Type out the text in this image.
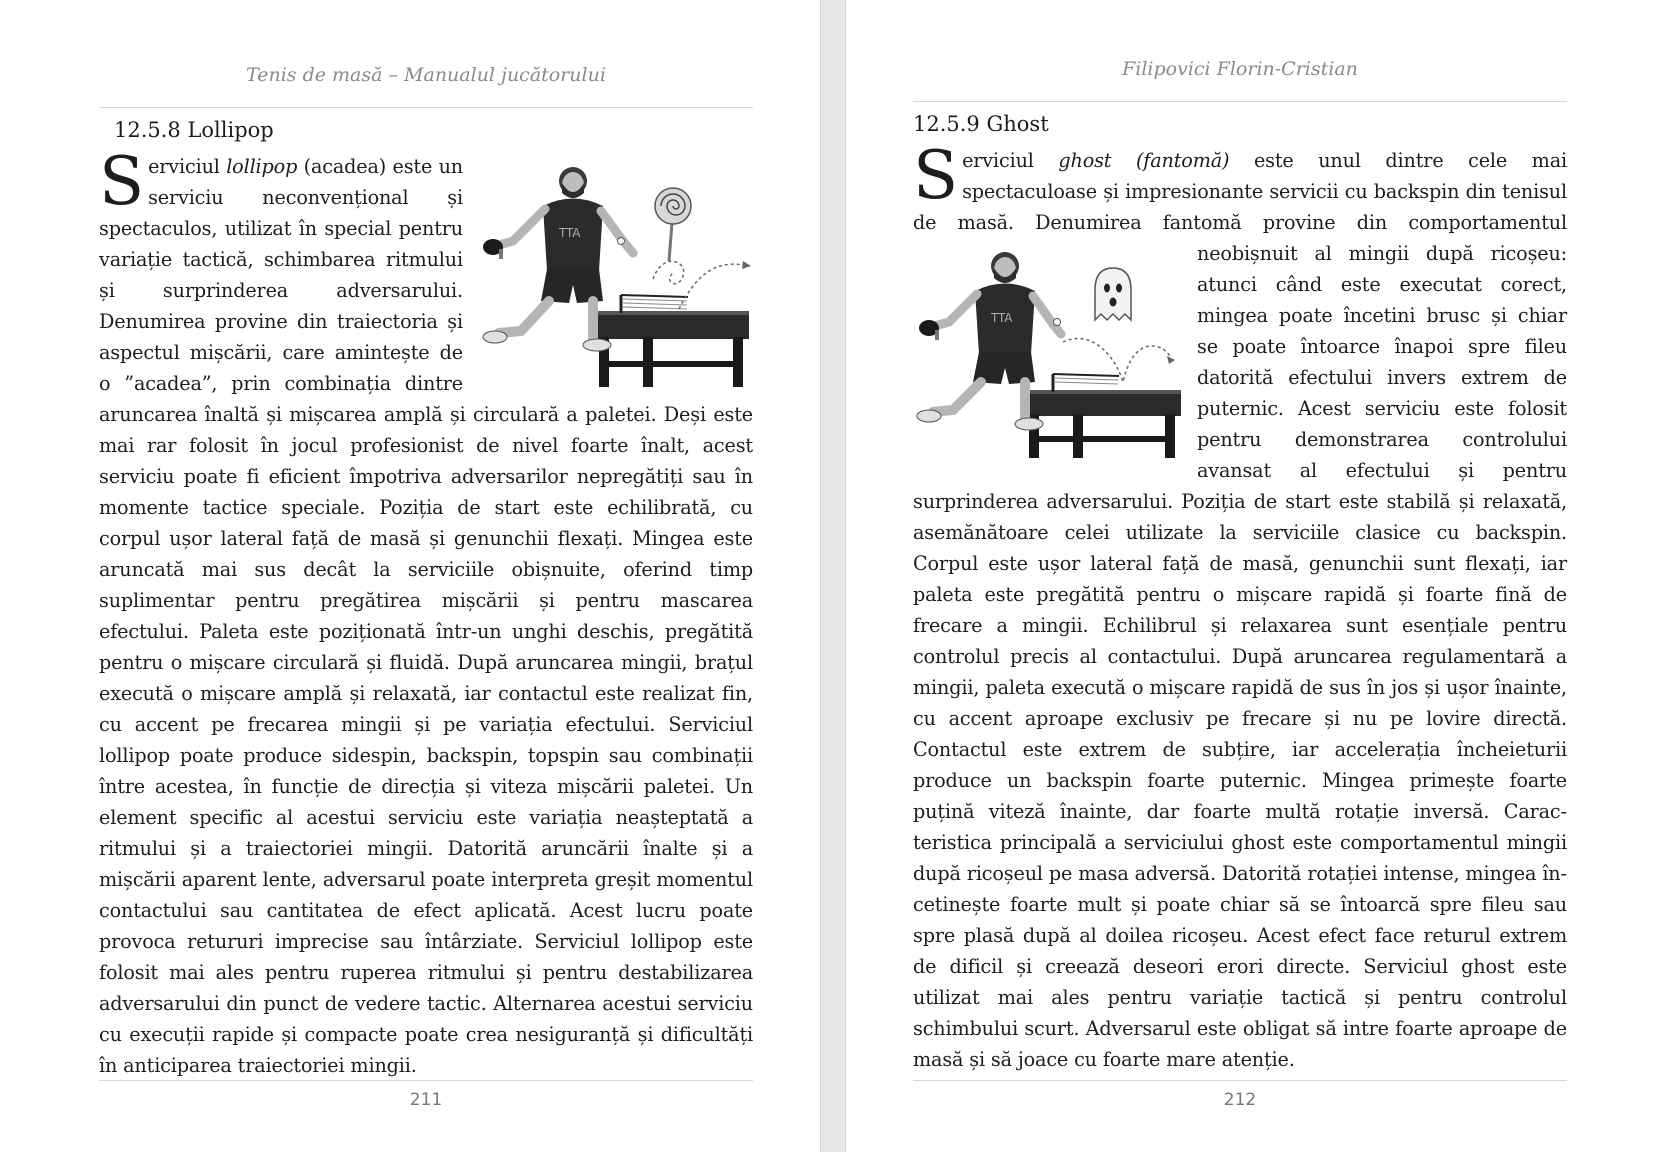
Tenis de masă – Manualul jucătorului
12.5.8 Lollipop
S
TTA
erviciul lollipop (acadea) este un serviciu neconvențional și spectaculos, utilizat în special pentru variație tactică, schimbarea ritmului și surprinderea adversarului. Denumirea provine din traiectoria și aspectul mișcării, care amintește de o ”acadea”, prin combinația dintre aruncarea înaltă și mișcarea amplă și circulară a paletei. Deși este mai rar folosit în jocul profesionist de nivel foarte înalt, acest serviciu poate fi eficient împotriva adversarilor nepregătiți sau în momente tactice speciale. Poziția de start este echilibrată, cu corpul ușor lateral față de masă și genunchii flexați. Mingea este aruncată mai sus decât la serviciile obișnuite, oferind timp suplimentar pentru pregătirea mișcării și pentru mascarea efectului. Paleta este poziționată într-un unghi deschis, pregătită pentru o mișcare circulară și fluidă. După aruncarea mingii, brațul execută o mișcare amplă și relaxată, iar contactul este realizat fin, cu accent pe frecarea mingii și pe variația efectului. Serviciul lollipop poate produce sidespin, backspin, topspin sau combinații între acestea, în funcție de direcția și viteza mișcării paletei. Un element specific al acestui serviciu este variația neașteptată a ritmului și a traiectoriei mingii. Datorită aruncării înalte și a mișcării aparent lente, adversarul poate interpreta greșit momentul contactului sau cantitatea de efect aplicată. Acest lucru poate provoca retururi imprecise sau întârziate. Serviciul lollipop este folosit mai ales pentru ruperea ritmului și pentru destabilizarea adversarului din punct de vedere tactic. Alternarea acestui serviciu cu execuții rapide și compacte poate crea nesiguranță și dificultăți în anticiparea traiectoriei mingii.
211
Filipovici Florin-Cristian
12.5.9 Ghost
S erviciul ghost (fantomă) este unul dintre cele mai spectaculoase și impresionante servicii cu backspin din tenisul de masă. Denumirea fantomă provine din comportamentul neobișnuit al mingii
TTA
după ricoșeu: atunci când este executat corect, mingea poate încetini brusc și chiar se poate întoarce înapoi spre fileu datorită efectului invers extrem de puternic. Acest serviciu este folosit pentru demonstrarea controlului avansat al efectului și pentru surprinderea adversarului. Poziția de start este stabilă și relaxată, asemănătoare celei utilizate la serviciile clasice cu backspin. Corpul este ușor lateral față de masă, genunchii sunt flexați, iar paleta este pregătită pentru o mișcare rapidă și foarte fină de frecare a mingii. Echilibrul și relaxarea sunt esențiale pentru controlul precis al contactului. După aruncarea regulamentară a mingii, paleta execută o mișcare rapidă de sus în jos și ușor înainte, cu accent aproape exclusiv pe frecare și nu pe lovire directă. Contactul este extrem de subțire, iar accelerația încheieturii produce un backspin foarte puternic. Mingea primește foarte puțină viteză înainte, dar foarte multă rotație inversă. Caracteristica principală a serviciului ghost este comportamentul mingii după ricoșeul pe masa adversă. Datorită rotației intense, mingea încetinește foarte mult și poate chiar să se întoarcă spre fileu sau spre plasă după al doilea ricoșeu. Acest efect face returul extrem de dificil și creează deseori erori directe. Serviciul ghost este utilizat mai ales pentru variație tactică și pentru controlul schimbului scurt. Adversarul este obligat să intre foarte aproape de masă și să joace cu foarte mare atenție.
212
